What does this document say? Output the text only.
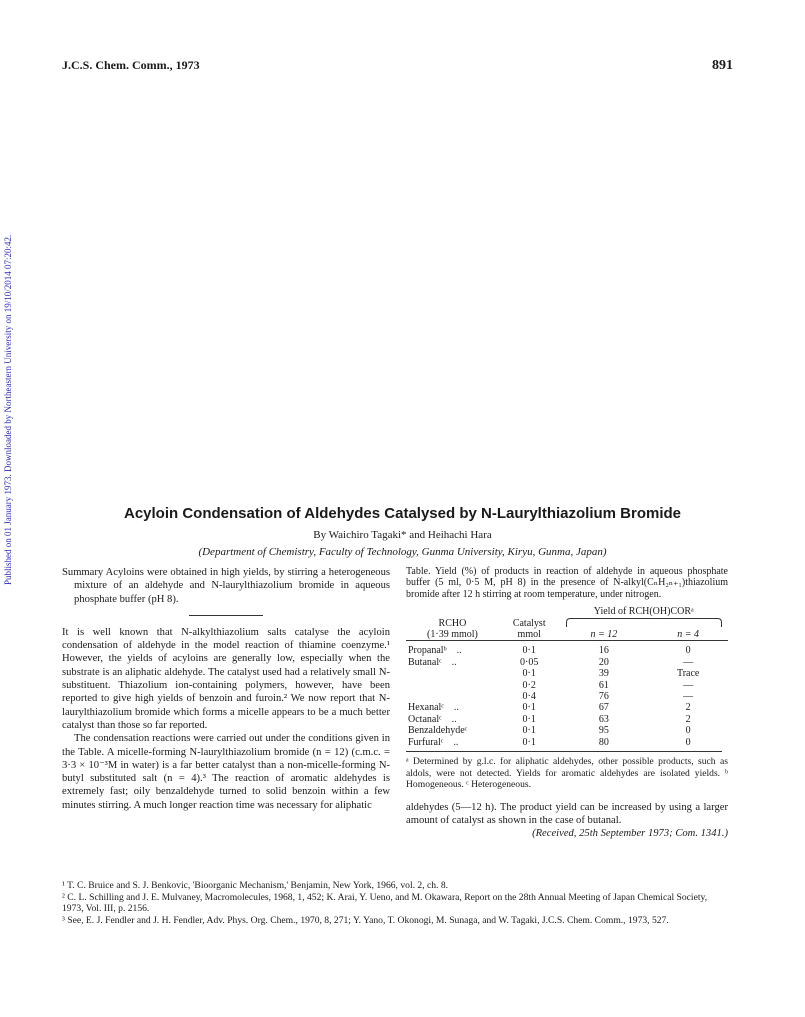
J.C.S. Chem. Comm., 1973	891
Published on 01 January 1973. Downloaded by Northeastern University on 19/10/2014 07:20:42.	Acyloin Condensation of Aldehydes Catalysed by N-Laurylthiazolium Bromide
By Waichiro Tagaki* and Heihachi Hara
(Department of Chemistry, Faculty of Technology, Gunma University, Kiryu, Gunma, Japan)

Summary Acyloins were obtained in high yields, by stirring a heterogeneous mixture of an aldehyde and N-laurylthiazolium bromide in aqueous phosphate buffer (pH 8).

It is well known that N-alkylthiazolium salts catalyse the acyloin condensation of aldehyde in the model reaction of thiamine coenzyme.¹ However, the yields of acyloins are generally low, especially when the substrate is an aliphatic aldehyde. The catalyst used had a relatively small N-substituent. Thiazolium ion-containing polymers, however, have been reported to give high yields of benzoin and furoin.² We now report that N-laurylthiazolium bromide which forms a micelle appears to be a much better catalyst than those so far reported.

The condensation reactions were carried out under the conditions given in the Table. A micelle-forming N-laurylthiazolium bromide (n = 12) (c.m.c. = 3·3 × 10⁻³M in water) is a far better catalyst than a non-micelle-forming N-butyl substituted salt (n = 4).³ The reaction of aromatic aldehydes is extremely fast; oily benzaldehyde turned to solid benzoin within a few minutes stirring. A much longer reaction time was necessary for aliphatic

Table. Yield (%) of products in reaction of aldehyde in aqueous phosphate buffer (5 ml, 0·5 M, pH 8) in the presence of N-alkyl(CₙH₂ₙ₊₁)thiazolium bromide after 12 h stirring at room temperature, under nitrogen.

		Yield of RCH(OH)CORᵃ	
RCHO	Catalyst		

(1·39 mmol)	mmol	n = 12	n = 4

Propanalᵇ ..	0·1	16	0
Butanalᶜ ..	0·05	20	—
	0·1	39	Trace
	0·2	61	—
	0·4	76	—
Hexanalᶜ ..	0·1	67	2
Octanalᶜ ..	0·1	63	2
Benzaldehydeᶜ	0·1	95	0
Furfuralᶜ ..	0·1	80	0

ᵃ Determined by g.l.c. for aliphatic aldehydes, other possible products, such as aldols, were not detected. Yields for aromatic aldehydes are isolated yields. ᵇ Homogeneous. ᶜ Heterogeneous.

aldehydes (5—12 h). The product yield can be increased by using a larger amount of catalyst as shown in the case of butanal.

(Received, 25th September 1973; Com. 1341.)

¹ T. C. Bruice and S. J. Benkovic, 'Bioorganic Mechanism,' Benjamin, New York, 1966, vol. 2, ch. 8.

² C. L. Schilling and J. E. Mulvaney, Macromolecules, 1968, 1, 452; K. Arai, Y. Ueno, and M. Okawara, Report on the 28th Annual Meeting of Japan Chemical Society, 1973, Vol. III, p. 2156.

³ See, E. J. Fendler and J. H. Fendler, Adv. Phys. Org. Chem., 1970, 8, 271; Y. Yano, T. Okonogi, M. Sunaga, and W. Tagaki, J.C.S. Chem. Comm., 1973, 527.
